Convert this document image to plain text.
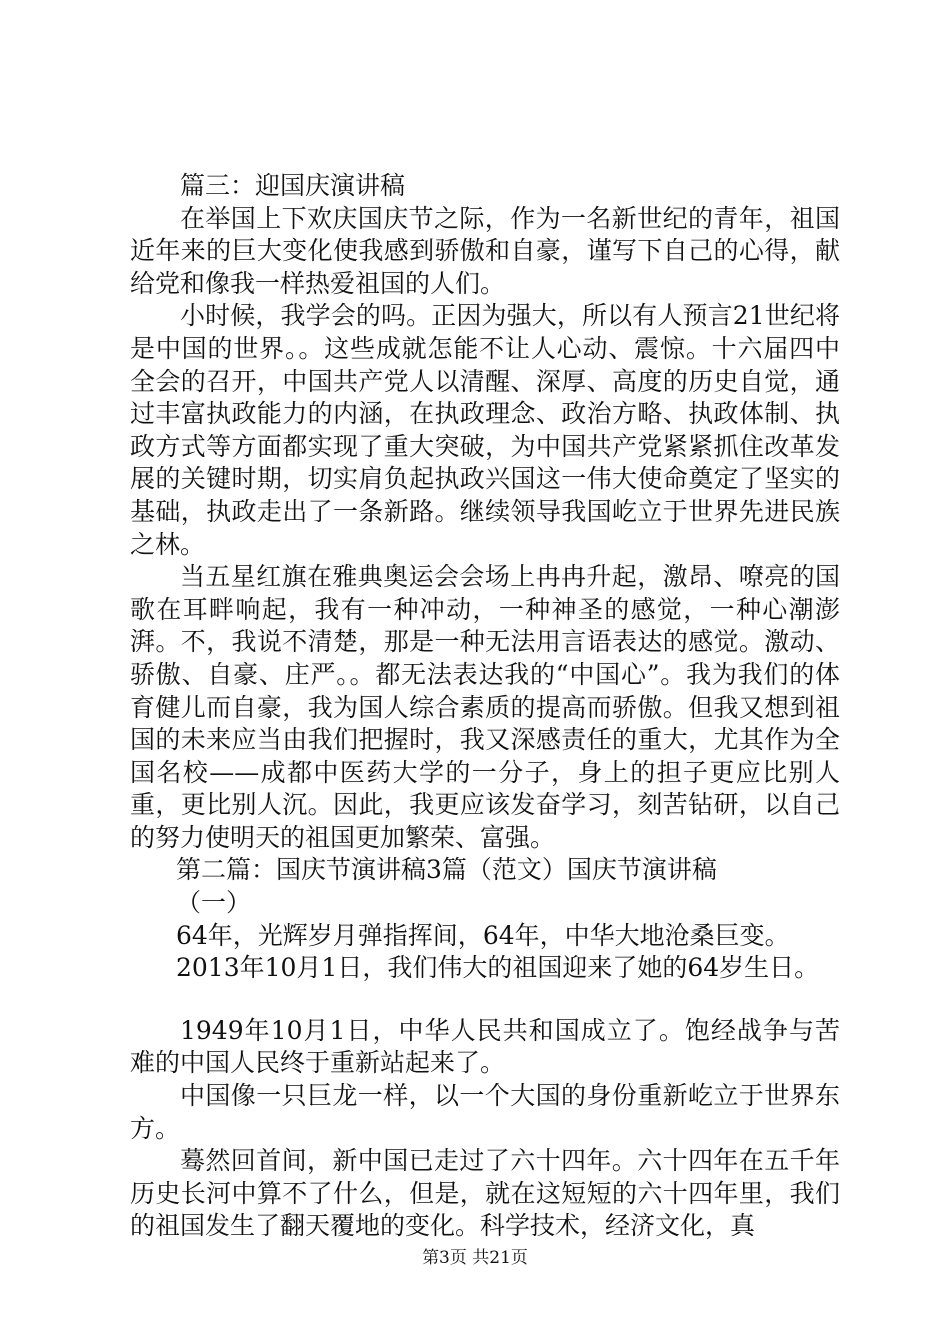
篇三：迎国庆演讲稿

在举国上下欢庆国庆节之际，作为一名新世纪的青年，祖国近年来的巨大变化使我感到骄傲和自豪，谨写下自己的心得，献给党和像我一样热爱祖国的人们。

小时候，我学会的吗。正因为强大，所以有人预言21世纪将是中国的世界。。这些成就怎能不让人心动、震惊。十六届四中全会的召开，中国共产党人以清醒、深厚、高度的历史自觉，通过丰富执政能力的内涵，在执政理念、政治方略、执政体制、执政方式等方面都实现了重大突破，为中国共产党紧紧抓住改革发展的关键时期，切实肩负起执政兴国这一伟大使命奠定了坚实的基础，执政走出了一条新路。继续领导我国屹立于世界先进民族之林。

当五星红旗在雅典奥运会会场上冉冉升起，激昂、嘹亮的国歌在耳畔响起，我有一种冲动，一种神圣的感觉，一种心潮澎湃。不，我说不清楚，那是一种无法用言语表达的感觉。激动、骄傲、自豪、庄严。。都无法表达我的“中国心”。我为我们的体育健儿而自豪，我为国人综合素质的提高而骄傲。但我又想到祖国的未来应当由我们把握时，我又深感责任的重大，尤其作为全国名校——成都中医药大学的一分子，身上的担子更应比别人重，更比别人沉。因此，我更应该发奋学习，刻苦钻研，以自己的努力使明天的祖国更加繁荣、富强。

第二篇：国庆节演讲稿3篇（范文）国庆节演讲稿

（一）

64年，光辉岁月弹指挥间，64年，中华大地沧桑巨变。

2013年10月1日，我们伟大的祖国迎来了她的64岁生日。

1949年10月1日，中华人民共和国成立了。饱经战争与苦难的中国人民终于重新站起来了。

中国像一只巨龙一样，以一个大国的身份重新屹立于世界东方。

蓦然回首间，新中国已走过了六十四年。六十四年在五千年历史长河中算不了什么，但是，就在这短短的六十四年里，我们的祖国发生了翻天覆地的变化。科学技术，经济文化，真

第3页 共21页
